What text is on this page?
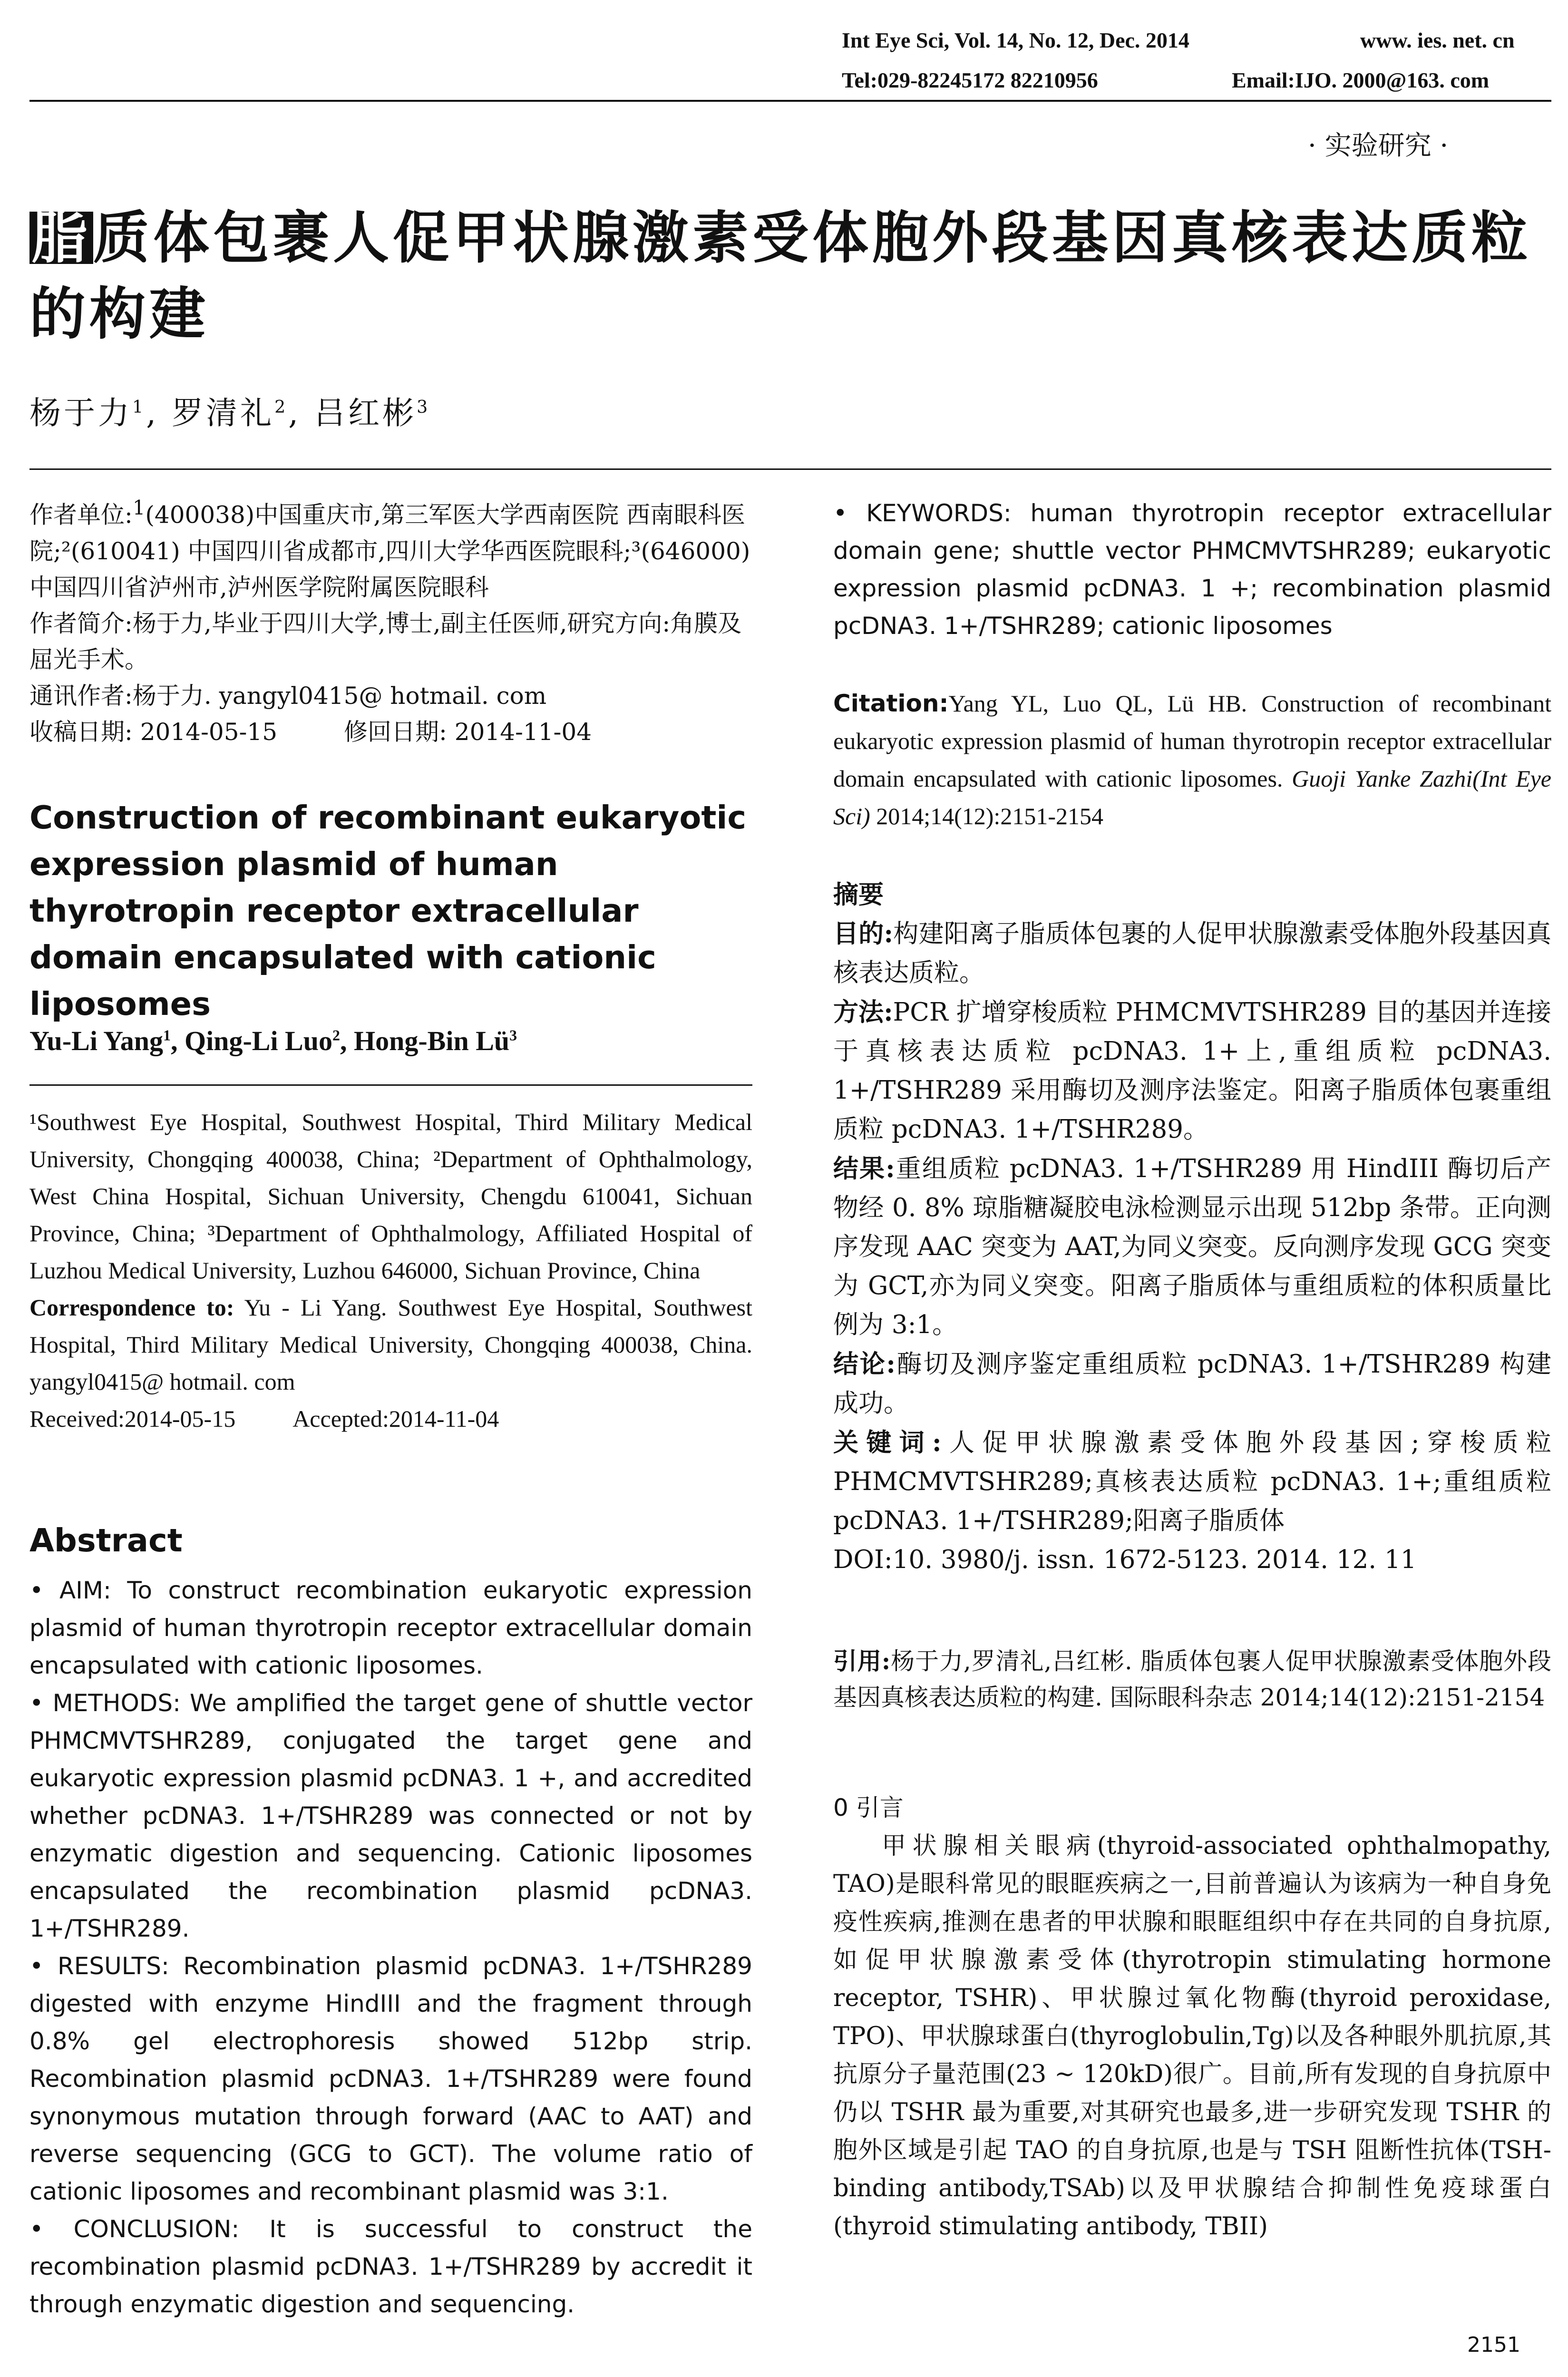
Int Eye Sci, Vol. 14, No. 12, Dec. 2014	www. ies. net. cn
Tel:029-82245172 82210956	Email:IJO. 2000@163. com
· 实验研究 ·
脂质体包裹人促甲状腺激素受体胞外段基因真核表达质粒的构建
杨于力$^1$, 罗清礼$^2$, 吕红彬$^3$
作者单位:$^1$(400038)中国重庆市,第三军医大学西南医院 西南眼科医院;²(610041) 中国四川省成都市,四川大学华西医院眼科;³(646000)中国四川省泸州市,泸州医学院附属医院眼科
作者简介:杨于力,毕业于四川大学,博士,副主任医师,研究方向:角膜及屈光手术。
通讯作者:杨于力. yangyl0415@ hotmail. com
收稿日期: 2014-05-15	修回日期: 2014-11-04
Construction of recombinant eukaryotic expression plasmid of human thyrotropin receptor extracellular domain encapsulated with cationic liposomes
Yu-Li Yang$^1$, Qing-Li Luo$^2$, Hong-Bin $Lü^3$

¹Southwest Eye Hospital, Southwest Hospital, Third Military Medical University, Chongqing 400038, China; ²Department of Ophthalmology, West China Hospital, Sichuan University, Chengdu 610041, Sichuan Province, China; ³Department of Ophthalmology, Affiliated Hospital of Luzhou Medical University, Luzhou 646000, Sichuan Province, China

Correspondence to: Yu - Li Yang. Southwest Eye Hospital, Southwest Hospital, Third Military Medical University, Chongqing 400038, China. yangyl0415@ hotmail. com

Received:2014-05-15 Accepted:2014-11-04

Abstract

• AIM: To construct recombination eukaryotic expression plasmid of human thyrotropin receptor extracellular domain encapsulated with cationic liposomes.

• METHODS: We amplified the target gene of shuttle vector PHMCMVTSHR289, conjugated the target gene and eukaryotic expression plasmid pcDNA3. 1 +, and accredited whether pcDNA3. 1+/TSHR289 was connected or not by enzymatic digestion and sequencing. Cationic liposomes encapsulated the recombination plasmid pcDNA3. 1+/TSHR289.

• RESULTS: Recombination plasmid pcDNA3. 1+/TSHR289 digested with enzyme HindIII and the fragment through 0.8% gel electrophoresis showed 512bp strip. Recombination plasmid pcDNA3. 1+/TSHR289 were found synonymous mutation through forward (AAC to AAT) and reverse sequencing (GCG to GCT). The volume ratio of cationic liposomes and recombinant plasmid was 3:1.

• CONCLUSION: It is successful to construct the recombination plasmid pcDNA3. 1+/TSHR289 by accredit it through enzymatic digestion and sequencing.

• KEYWORDS: human thyrotropin receptor extracellular domain gene; shuttle vector PHMCMVTSHR289; eukaryotic expression plasmid pcDNA3. 1 +; recombination plasmid pcDNA3. 1+/TSHR289; cationic liposomes
Citation:Yang YL, Luo QL, Lü HB. Construction of recombinant eukaryotic expression plasmid of human thyrotropin receptor extracellular domain encapsulated with cationic liposomes. Guoji Yanke Zazhi(Int Eye Sci) 2014;14(12):2151-2154

摘要

目的:构建阳离子脂质体包裹的人促甲状腺激素受体胞外段基因真核表达质粒。

方法:PCR 扩增穿梭质粒 PHMCMVTSHR289 目的基因并连接于真核表达质粒 pcDNA3. 1+上,重组质粒 pcDNA3. 1+/TSHR289 采用酶切及测序法鉴定。阳离子脂质体包裹重组质粒 pcDNA3. 1+/TSHR289。

结果:重组质粒 pcDNA3. 1+/TSHR289 用 HindIII 酶切后产物经 0. 8% 琼脂糖凝胶电泳检测显示出现 512bp 条带。正向测序发现 AAC 突变为 AAT,为同义突变。反向测序发现 GCG 突变为 GCT,亦为同义突变。阳离子脂质体与重组质粒的体积质量比例为 3:1。

结论:酶切及测序鉴定重组质粒 pcDNA3. 1+/TSHR289 构建成功。

关键词:人促甲状腺激素受体胞外段基因;穿梭质粒 PHMCMVTSHR289;真核表达质粒 pcDNA3. 1+;重组质粒 pcDNA3. 1+/TSHR289;阳离子脂质体

DOI:10. 3980/j. issn. 1672-5123. 2014. 12. 11

引用:杨于力,罗清礼,吕红彬. 脂质体包裹人促甲状腺激素受体胞外段基因真核表达质粒的构建. 国际眼科杂志 2014;14(12):2151-2154

0 引言

甲状腺相关眼病(thyroid-associated ophthalmopathy, TAO)是眼科常见的眼眶疾病之一,目前普遍认为该病为一种自身免疫性疾病,推测在患者的甲状腺和眼眶组织中存在共同的自身抗原,如促甲状腺激素受体(thyrotropin stimulating hormone receptor, TSHR)、甲状腺过氧化物酶(thyroid peroxidase, TPO)、甲状腺球蛋白(thyroglobulin,Tg)以及各种眼外肌抗原,其抗原分子量范围(23 ~ 120kD)很广。目前,所有发现的自身抗原中仍以 TSHR 最为重要,对其研究也最多,进一步研究发现 TSHR 的胞外区域是引起 TAO 的自身抗原,也是与 TSH 阻断性抗体(TSH-binding antibody,TSAb)以及甲状腺结合抑制性免疫球蛋白(thyroid stimulating antibody, TBII)

2151
